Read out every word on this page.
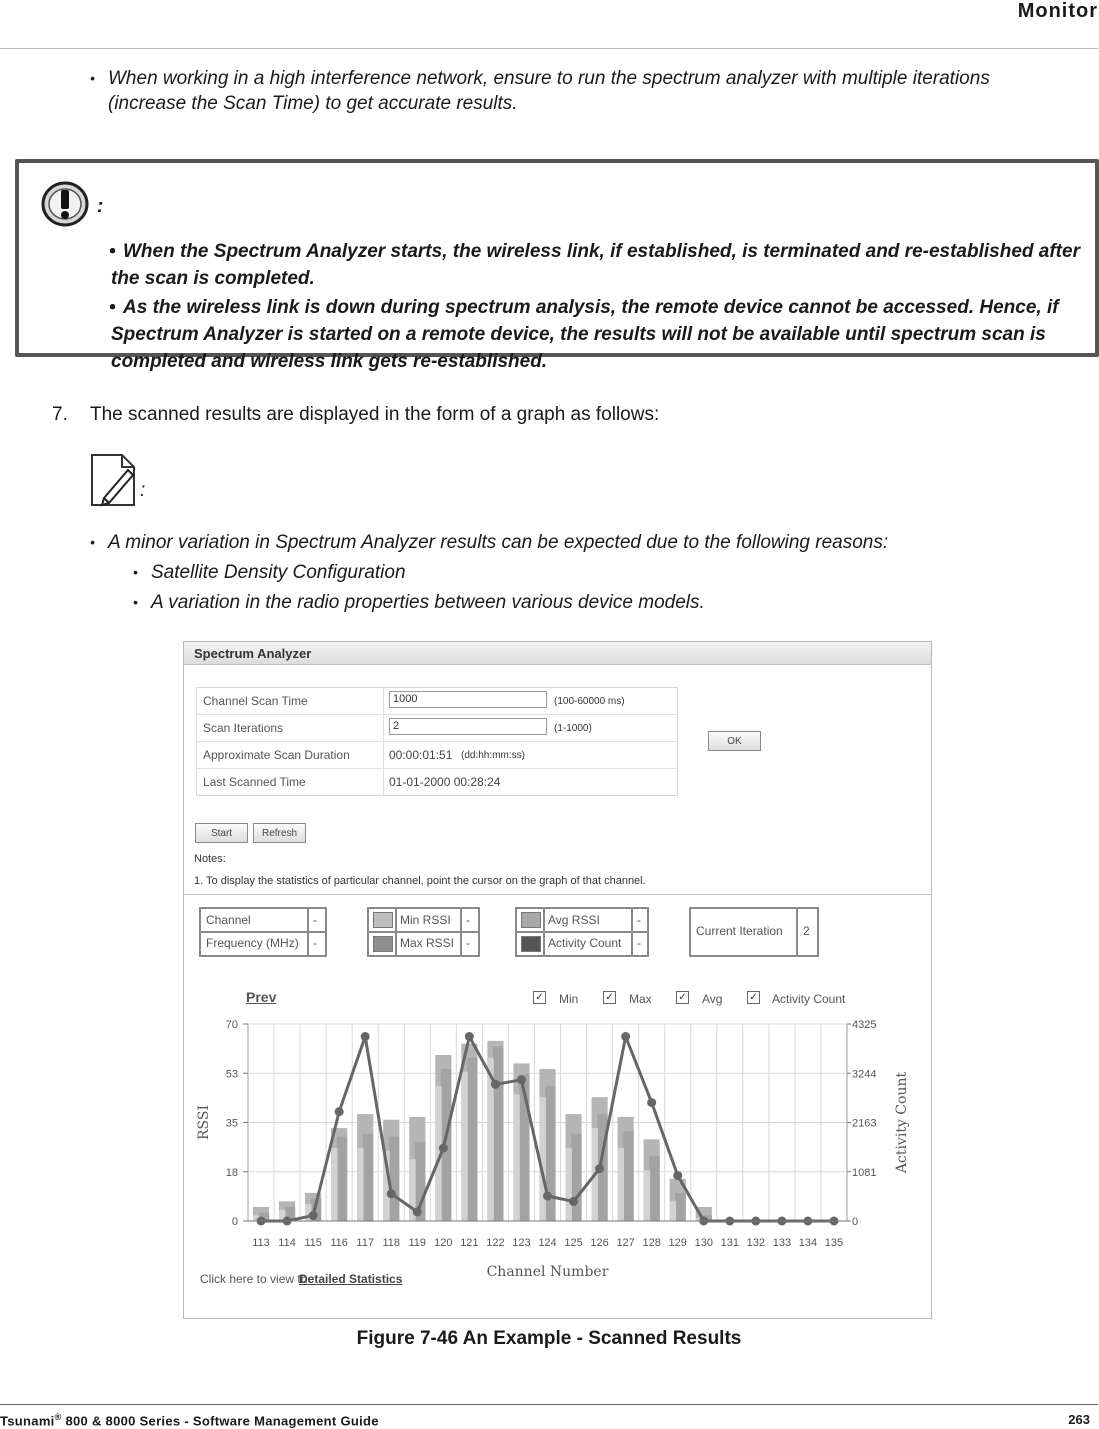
Monitor
• When working in a high interference network, ensure to run the spectrum analyzer with multiple iterations (increase the Scan Time) to get accurate results.
:
• When the Spectrum Analyzer starts, the wireless link, if established, is terminated and re-established after the scan is completed.
• As the wireless link is down during spectrum analysis, the remote device cannot be accessed. Hence, if Spectrum Analyzer is started on a remote device, the results will not be available until spectrum scan is completed and wireless link gets re-established.
7. The scanned results are displayed in the form of a graph as follows:
:
• A minor variation in Spectrum Analyzer results can be expected due to the following reasons:
• Satellite Density Configuration
• A variation in the radio properties between various device models.
Spectrum Analyzer
Channel Scan Time	1000	(100-60000 ms)
Scan Iterations	2	(1-1000)
Approximate Scan Duration	00:00:01:51 (dd:hh:mm:ss)
Last Scanned Time	01-01-2000 00:28:24
OK
Start	Refresh
Notes:
1. To display the statistics of particular channel, point the cursor on the graph of that channel.
Channel	-
Frequency (MHz) -
Min RSSI -
Max RSSI -
Avg RSSI	-
Activity Count -
Current Iteration 2
Prev	✓ Min	✓ Max	✓ Avg	✓ Activity Count
70
53
35
18
0
4325
3244
2163
1081
0
113 114 115 116 117 118 119 120 121 122 123 124 125 126 127 128 129 130 131 132 133 134 135
Channel Number
RSSI	Activity Count
Click here to view the
Detailed Statistics
Figure 7-46 An Example - Scanned Results
Tsunami® 800 & 8000 Series - Software Management Guide	263
